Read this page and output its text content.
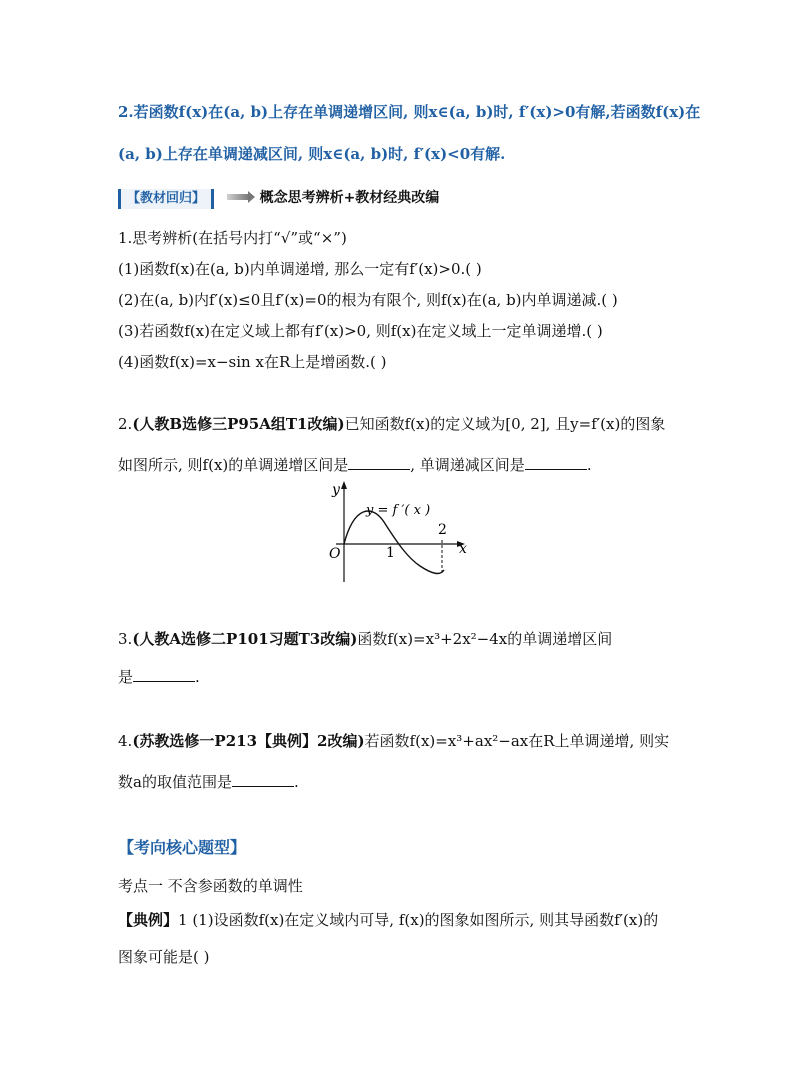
2.若函数f(x)在(a, b)上存在单调递增区间, 则x∈(a, b)时, f′(x)>0有解,若函数f(x)在
(a, b)上存在单调递减区间, 则x∈(a, b)时, f′(x)<0有解.
【教材回归】	概念思考辨析+教材经典改编
1.思考辨析(在括号内打“√”或“×”)
(1)函数f(x)在(a, b)内单调递增, 那么一定有f′(x)>0.( )
(2)在(a, b)内f′(x)≤0且f′(x)=0的根为有限个, 则f(x)在(a, b)内单调递减.( )
(3)若函数f(x)在定义域上都有f′(x)>0, 则f(x)在定义域上一定单调递增.( )
(4)函数f(x)=x−sin x在R上是增函数.( )
2.(人教B选修三P95A组T1改编)已知函数f(x)的定义域为[0, 2], 且y=f′(x)的图象
如图所示, 则f(x)的单调递增区间是	, 单调递减区间是	.
y
x
O	1
2
y = f ′( x )
3.(人教A选修二P101习题T3改编)函数f(x)=x³+2x²−4x的单调递增区间
是	.
4.(苏教选修一P213【典例】2改编)若函数f(x)=x³+ax²−ax在R上单调递增, 则实
数a的取值范围是	.
【考向核心题型】
考点一 不含参函数的单调性
【典例】1 (1)设函数f(x)在定义域内可导, f(x)的图象如图所示, 则其导函数f′(x)的
图象可能是( )
